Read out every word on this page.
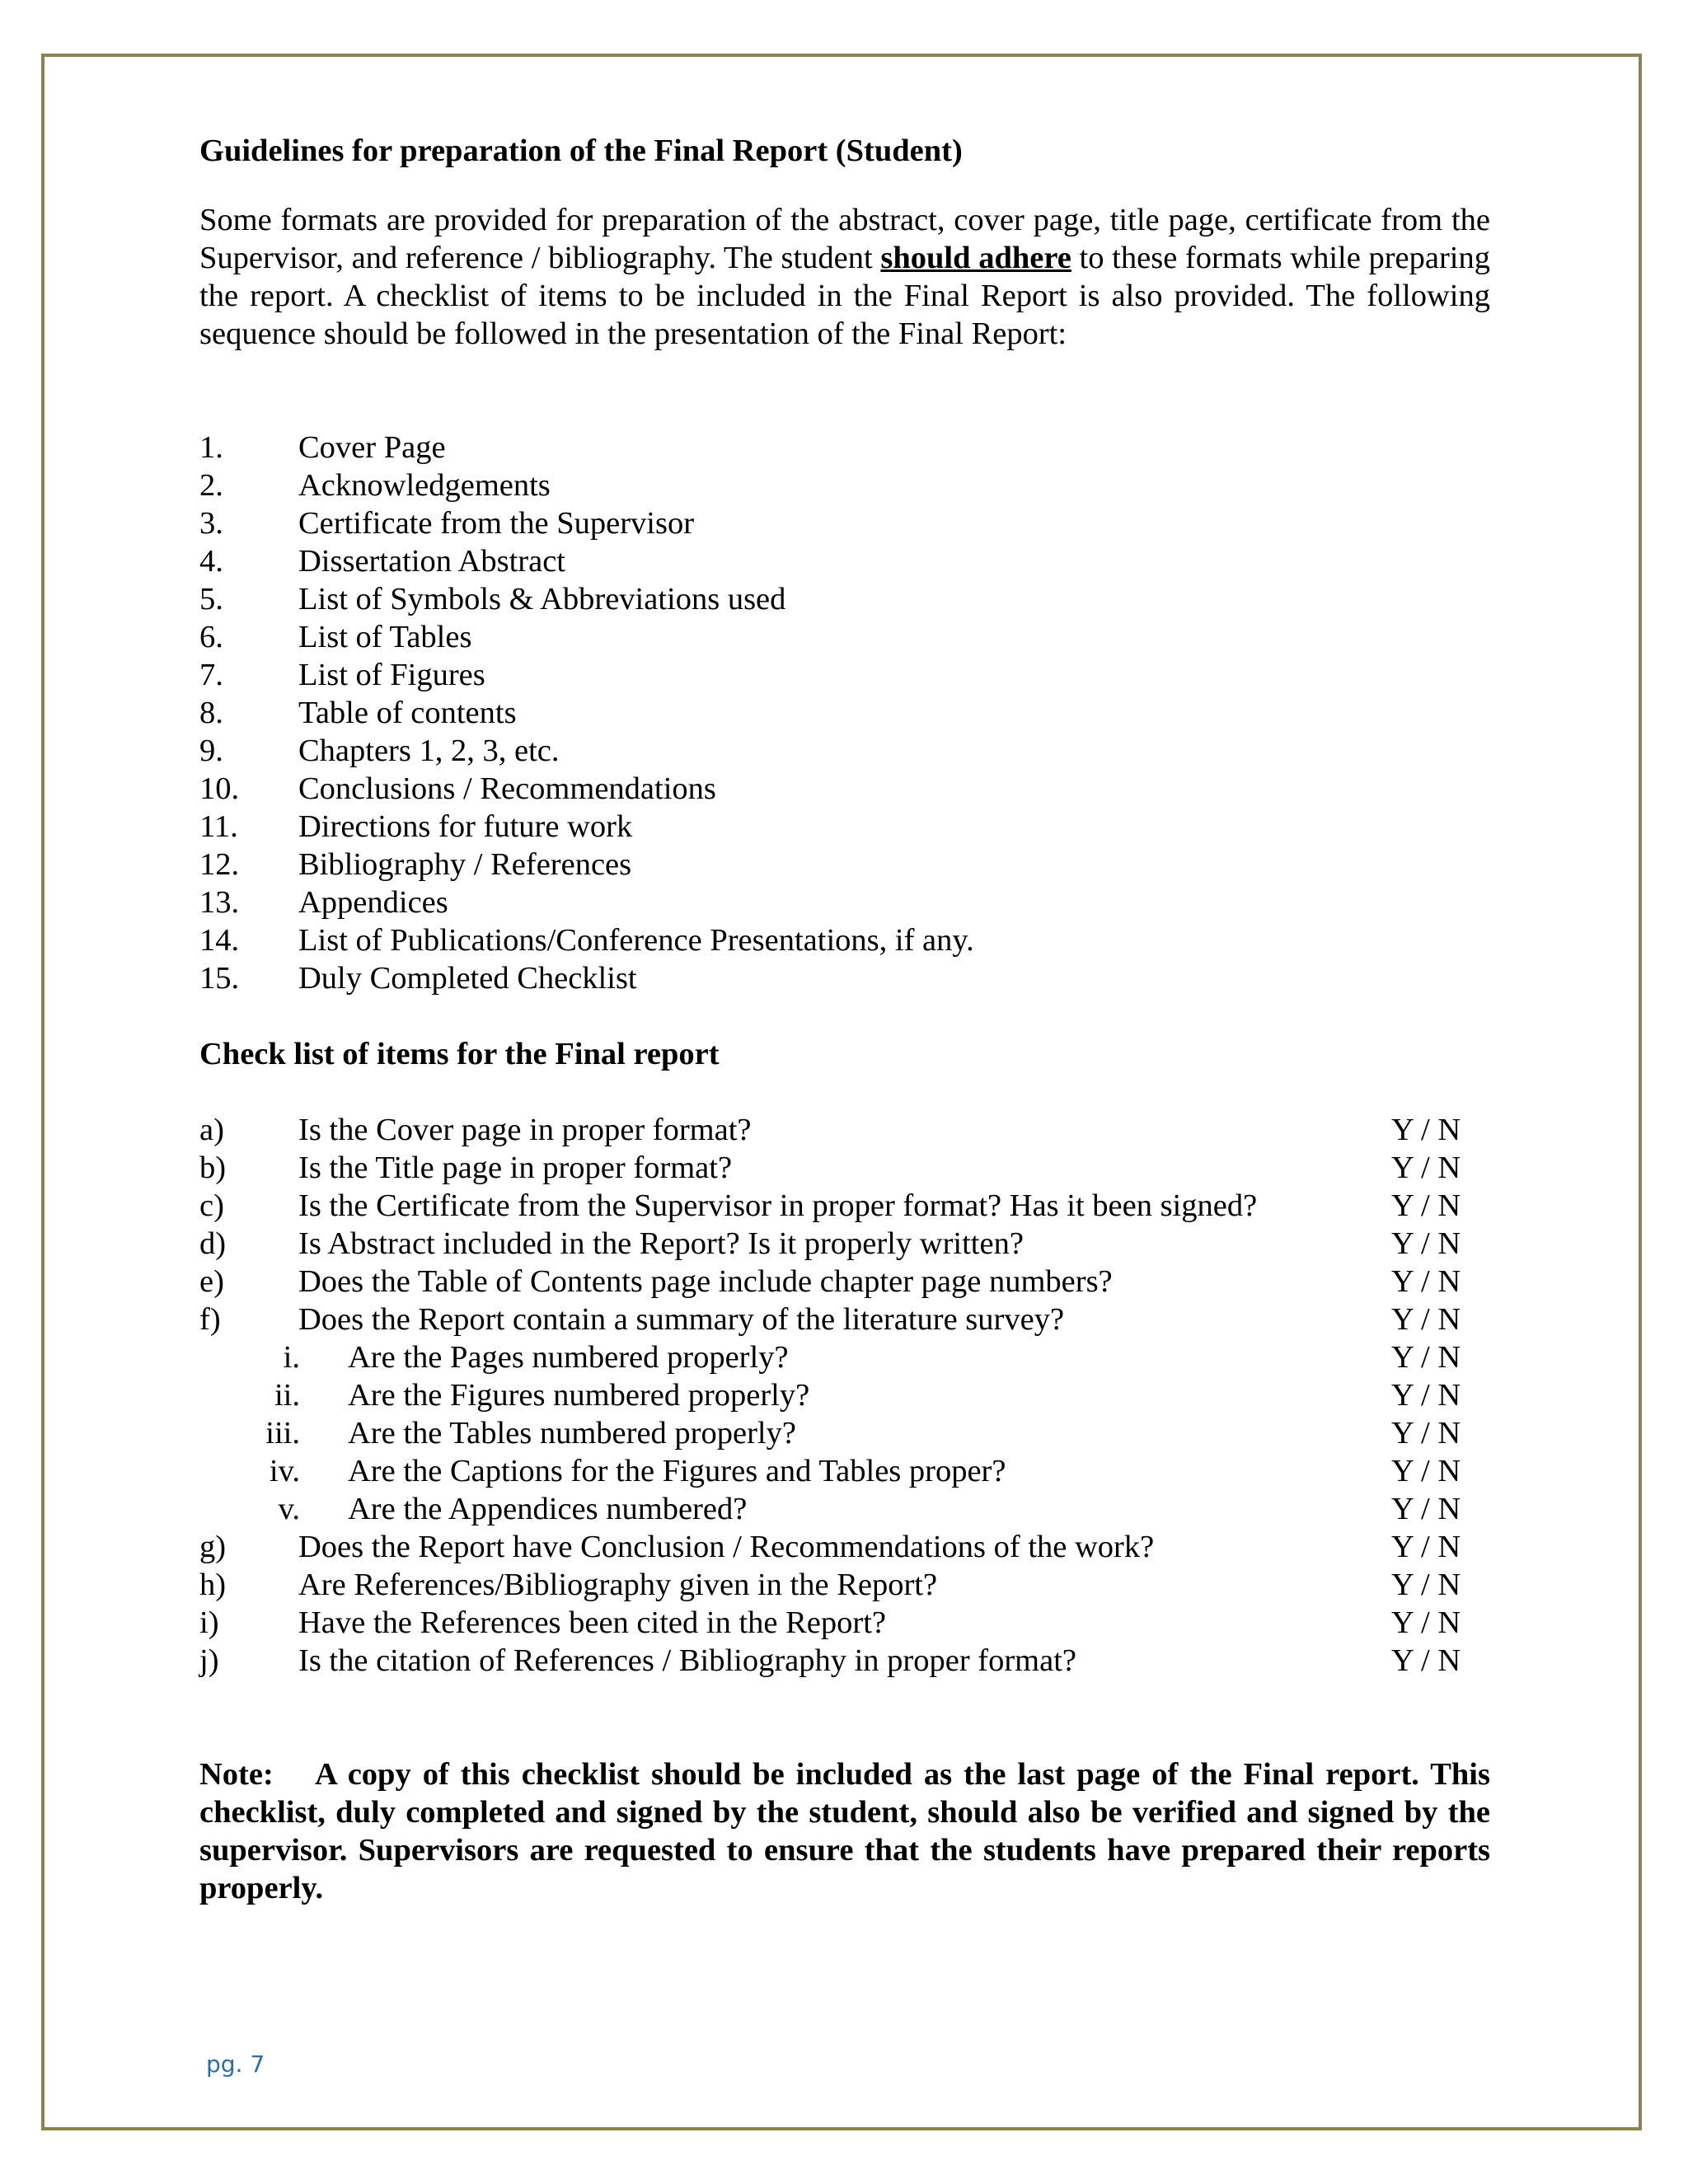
Guidelines for preparation of the Final Report (Student)

Some formats are provided for preparation of the abstract, cover page, title page, certificate from the Supervisor, and reference / bibliography. The student should adhere to these formats while preparing the report. A checklist of items to be included in the Final Report is also provided. The following sequence should be followed in the presentation of the Final Report:

1.	Cover Page
2.	Acknowledgements
3.	Certificate from the Supervisor
4.	Dissertation Abstract
5.	List of Symbols & Abbreviations used
6.	List of Tables
7.	List of Figures
8.	Table of contents
9.	Chapters 1, 2, 3, etc.
10.	Conclusions / Recommendations
11.	Directions for future work
12.	Bibliography / References
13.	Appendices
14.	List of Publications/Conference Presentations, if any.
15.	Duly Completed Checklist

Check list of items for the Final report

a)	Is the Cover page in proper format?	Y / N
b)	Is the Title page in proper format?	Y / N
c)	Is the Certificate from the Supervisor in proper format? Has it been signed?	Y / N
d)	Is Abstract included in the Report? Is it properly written?	Y / N
e)	Does the Table of Contents page include chapter page numbers?	Y / N
f)	Does the Report contain a summary of the literature survey?	Y / N
i. Are the Pages numbered properly?	Y / N
ii. Are the Figures numbered properly?	Y / N
iii. Are the Tables numbered properly?	Y / N
iv. Are the Captions for the Figures and Tables proper?	Y / N
v. Are the Appendices numbered?	Y / N
g)	Does the Report have Conclusion / Recommendations of the work?	Y / N
h)	Are References/Bibliography given in the Report?	Y / N
i)	Have the References been cited in the Report?	Y / N
j)	Is the citation of References / Bibliography in proper format?	Y / N

Note: A copy of this checklist should be included as the last page of the Final report. This checklist, duly completed and signed by the student, should also be verified and signed by the supervisor. Supervisors are requested to ensure that the students have prepared their reports properly.

pg. 7
